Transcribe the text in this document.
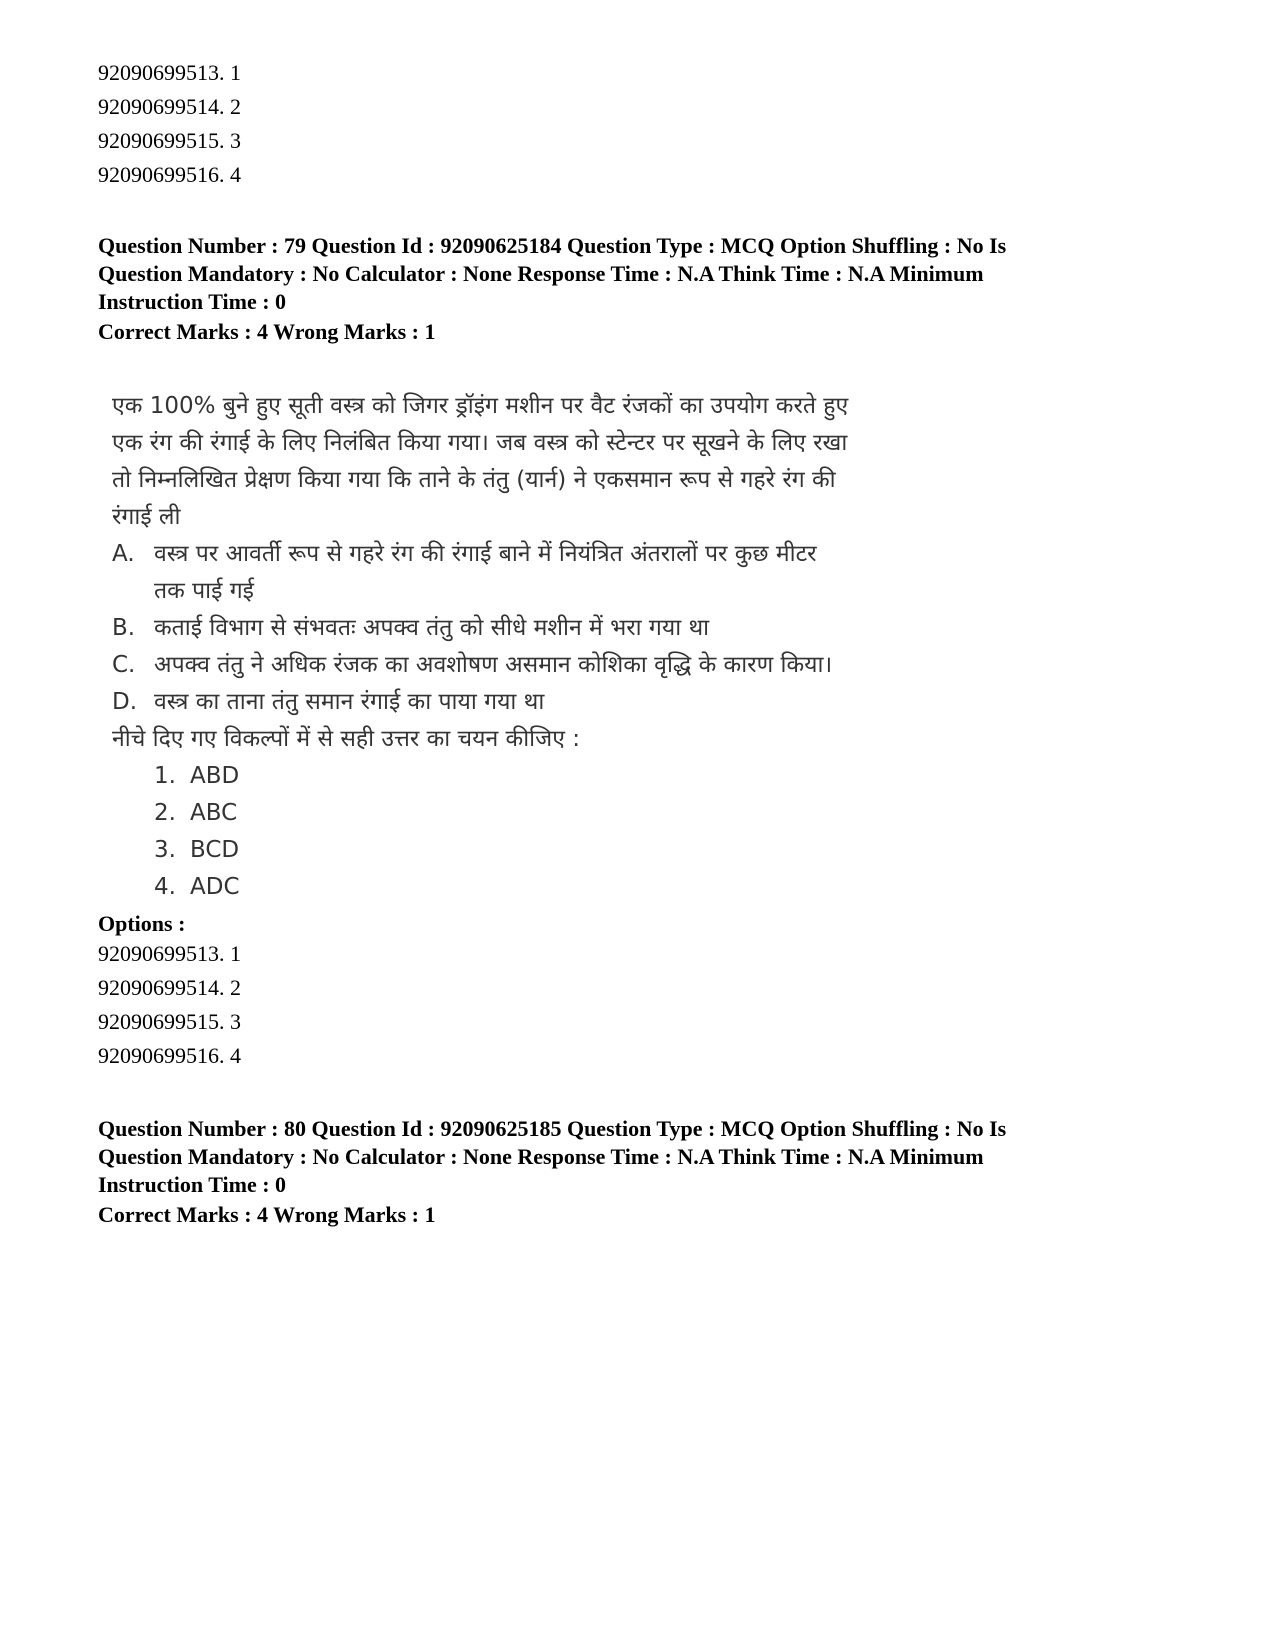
92090699513. 1
92090699514. 2
92090699515. 3
92090699516. 4
Question Number : 79 Question Id : 92090625184 Question Type : MCQ Option Shuffling : No Is
Question Mandatory : No Calculator : None Response Time : N.A Think Time : N.A Minimum
Instruction Time : 0
Correct Marks : 4 Wrong Marks : 1
एक 100% बुने हुए सूती वस्त्र को जिगर ड्रॉइंग मशीन पर वैट रंजकों का उपयोग करते हुए
एक रंग की रंगाई के लिए निलंबित किया गया। जब वस्त्र को स्टेन्टर पर सूखने के लिए रखा
तो निम्नलिखित प्रेक्षण किया गया कि ताने के तंतु (यार्न) ने एकसमान रूप से गहरे रंग की
रंगाई ली
A. वस्त्र पर आवर्ती रूप से गहरे रंग की रंगाई बाने में नियंत्रित अंतरालों पर कुछ मीटर
तक पाई गई
B. कताई विभाग से संभवतः अपक्व तंतु को सीधे मशीन में भरा गया था
C. अपक्व तंतु ने अधिक रंजक का अवशोषण असमान कोशिका वृद्धि के कारण किया।
D. वस्त्र का ताना तंतु समान रंगाई का पाया गया था
नीचे दिए गए विकल्पों में से सही उत्तर का चयन कीजिए :
1. ABD
2. ABC
3. BCD
4. ADC
Options :
92090699513. 1
92090699514. 2
92090699515. 3
92090699516. 4
Question Number : 80 Question Id : 92090625185 Question Type : MCQ Option Shuffling : No Is
Question Mandatory : No Calculator : None Response Time : N.A Think Time : N.A Minimum
Instruction Time : 0
Correct Marks : 4 Wrong Marks : 1
